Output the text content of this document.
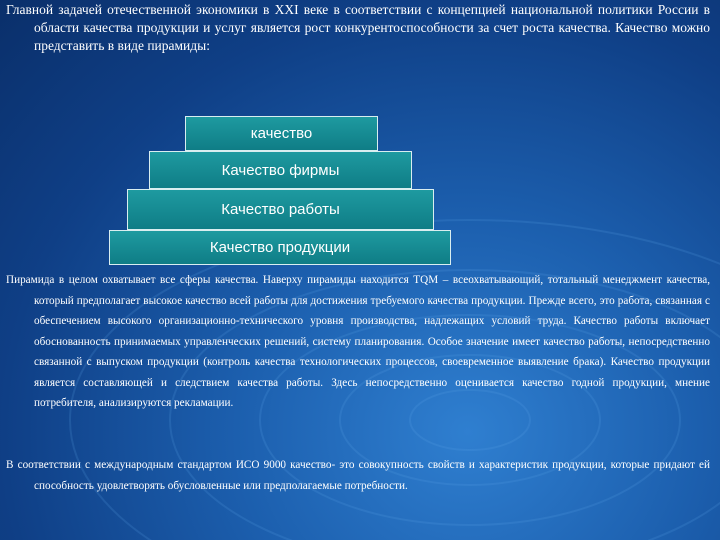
Главной задачей отечественной экономики в XXI веке в соответствии с концепцией национальной политики России в области качества продукции и услуг является рост конкурентоспособности за счет роста качества. Качество можно представить в виде пирамиды:
качество
Качество фирмы
Качество работы
Качество продукции
Пирамида в целом охватывает все сферы качества. Наверху пирамиды находится TQM – всеохватывающий, тотальный менеджмент качества, который предполагает высокое качество всей работы для достижения требуемого качества продукции. Прежде всего, это работа, связанная с обеспечением высокого организационно-технического уровня производства, надлежащих условий труда. Качество работы включает обоснованность принимаемых управленческих решений, систему планирования. Особое значение имеет качество работы, непосредственно связанной с выпуском продукции (контроль качества технологических процессов, своевременное выявление брака). Качество продукции является составляющей и следствием качества работы. Здесь непосредственно оценивается качество годной продукции, мнение потребителя, анализируются рекламации.
В соответствии с международным стандартом ИСО 9000 качество- это совокупность свойств и характеристик продукции, которые придают ей способность удовлетворять обусловленные или предполагаемые потребности.
